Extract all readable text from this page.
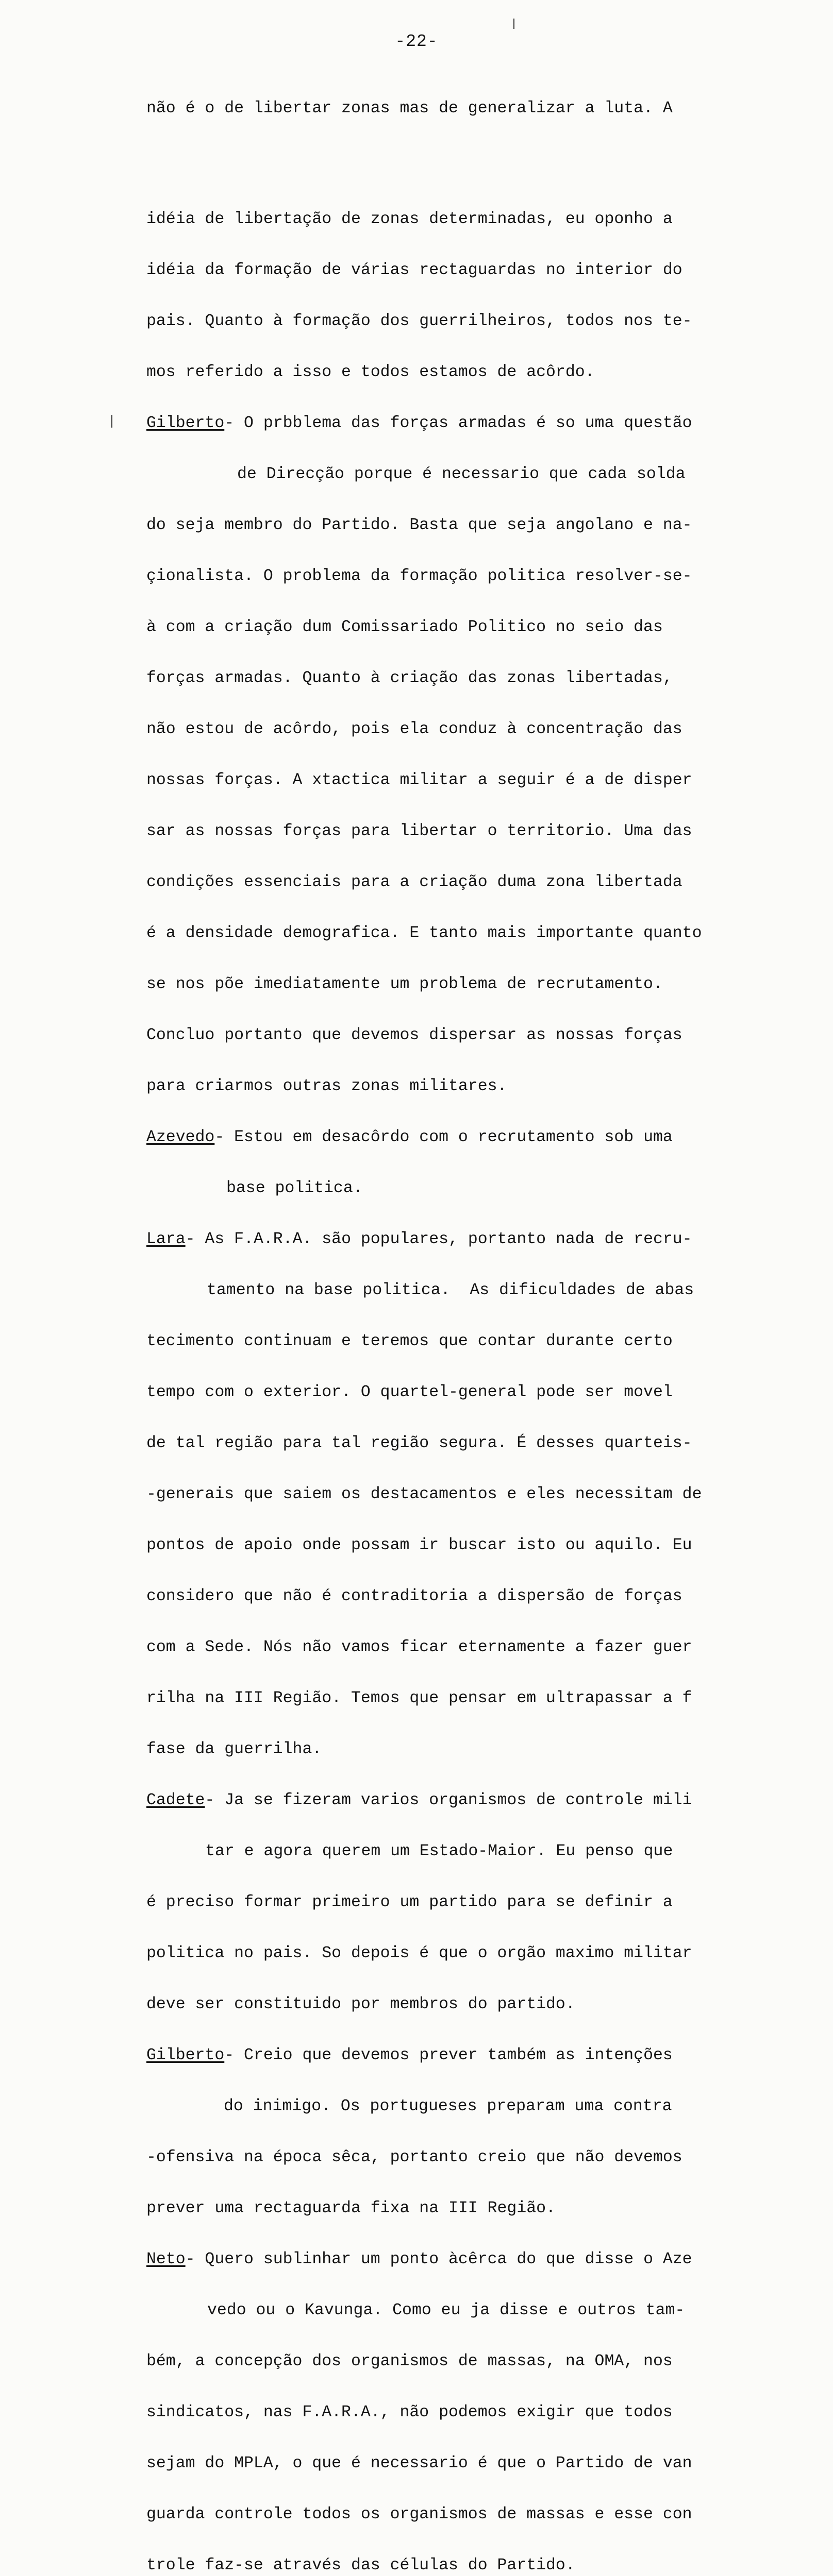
-22-

não é o de libertar zonas mas de generalizar a luta. A

idéia de libertação de zonas determinadas, eu oponho a

idéia da formação de várias rectaguardas no interior do

pais. Quanto à formação dos guerrilheiros, todos nos te-

mos referido a isso e todos estamos de acôrdo.

Gilberto- O prbblema das forças armadas é so uma questão

de Direcção porque é necessario que cada solda

do seja membro do Partido. Basta que seja angolano e na-

çionalista. O problema da formação politica resolver-se-

à com a criação dum Comissariado Politico no seio das

forças armadas. Quanto à criação das zonas libertadas,

não estou de acôrdo, pois ela conduz à concentração das

nossas forças. A xtactica militar a seguir é a de disper

sar as nossas forças para libertar o territorio. Uma das

condições essenciais para a criação duma zona libertada

é a densidade demografica. E tanto mais importante quanto

se nos põe imediatamente um problema de recrutamento.

Concluo portanto que devemos dispersar as nossas forças

para criarmos outras zonas militares.

Azevedo- Estou em desacôrdo com o recrutamento sob uma

base politica.

Lara- As F.A.R.A. são populares, portanto nada de recru-

tamento na base politica.  As dificuldades de abas

tecimento continuam e teremos que contar durante certo

tempo com o exterior. O quartel-general pode ser movel

de tal região para tal região segura. É desses quarteis-

-generais que saiem os destacamentos e eles necessitam de

pontos de apoio onde possam ir buscar isto ou aquilo. Eu

considero que não é contraditoria a dispersão de forças

com a Sede. Nós não vamos ficar eternamente a fazer guer

rilha na III Região. Temos que pensar em ultrapassar a f

fase da guerrilha.

Cadete- Ja se fizeram varios organismos de controle mili

tar e agora querem um Estado-Maior. Eu penso que

é preciso formar primeiro um partido para se definir a

politica no pais. So depois é que o orgão maximo militar

deve ser constituido por membros do partido.

Gilberto- Creio que devemos prever também as intenções

do inimigo. Os portugueses preparam uma contra

-ofensiva na época sêca, portanto creio que não devemos

prever uma rectaguarda fixa na III Região.

Neto- Quero sublinhar um ponto àcêrca do que disse o Aze

vedo ou o Kavunga. Como eu ja disse e outros tam-

bém, a concepção dos organismos de massas, na OMA, nos

sindicatos, nas F.A.R.A., não podemos exigir que todos

sejam do MPLA, o que é necessario é que o Partido de van

guarda controle todos os organismos de massas e esse con

trole faz-se através das células do Partido.
